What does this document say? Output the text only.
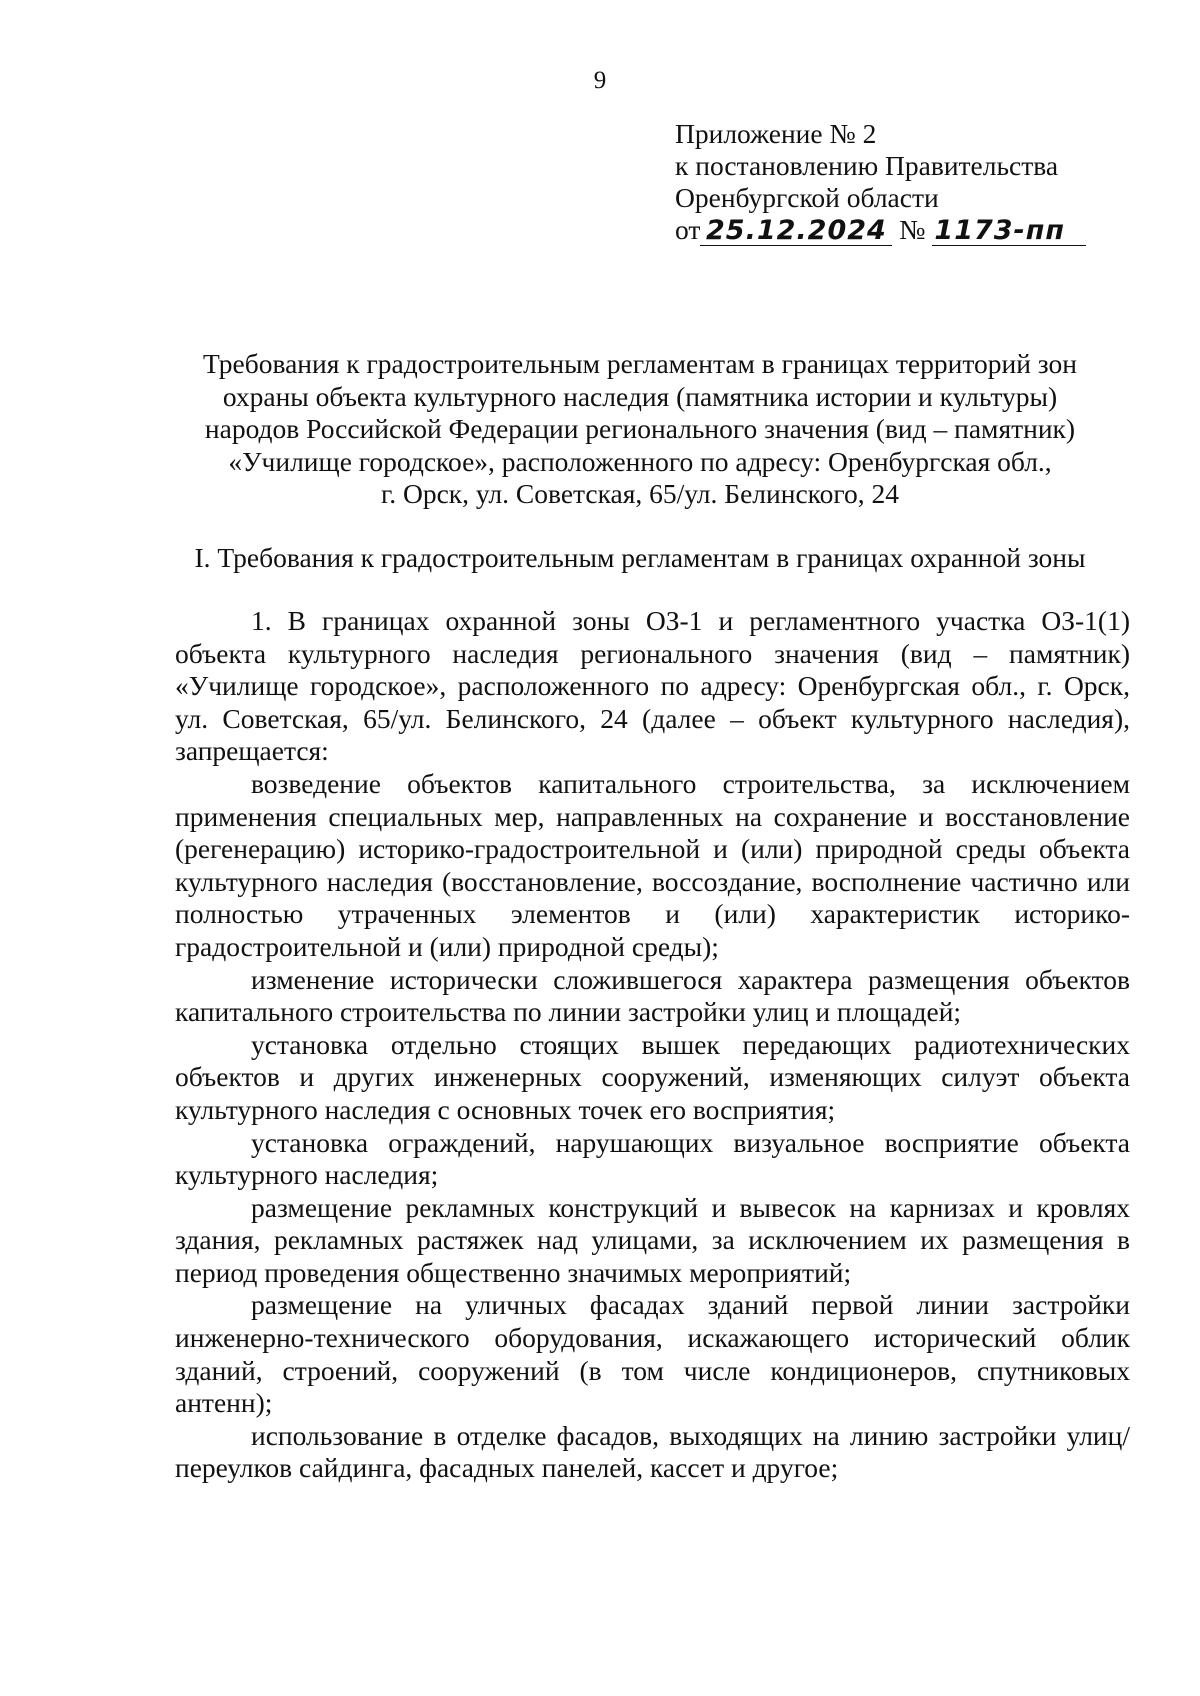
9
Приложение № 2
к постановлению Правительства
Оренбургской области
от 25.12.2024 № 1173-пп
Требования к градостроительным регламентам в границах территорий зон
охраны объекта культурного наследия (памятника истории и культуры)
народов Российской Федерации регионального значения (вид – памятник)
«Училище городское», расположенного по адресу: Оренбургская обл.,
г. Орск, ул. Советская, 65/ул. Белинского, 24
I. Требования к градостроительным регламентам в границах охранной зоны

1. В границах охранной зоны ОЗ-1 и регламентного участка ОЗ-1(1) объекта культурного наследия регионального значения (вид – памятник) «Училище городское», расположенного по адресу: Оренбургская обл., г. Орск, ул. Советская, 65/ул. Белинского, 24 (далее – объект культурного наследия), запрещается:

возведение объектов капитального строительства, за исключением применения специальных мер, направленных на сохранение и восстановление (регенерацию) историко-градостроительной и (или) природной среды объекта культурного наследия (восстановление, воссоздание, восполнение частично или полностью утраченных элементов и (или) характеристик историко-градостроительной и (или) природной среды);

изменение исторически сложившегося характера размещения объектов капитального строительства по линии застройки улиц и площадей;

установка отдельно стоящих вышек передающих радиотехнических объектов и других инженерных сооружений, изменяющих силуэт объекта культурного наследия с основных точек его восприятия;

установка ограждений, нарушающих визуальное восприятие объекта культурного наследия;

размещение рекламных конструкций и вывесок на карнизах и кровлях здания, рекламных растяжек над улицами, за исключением их размещения в период проведения общественно значимых мероприятий;

размещение на уличных фасадах зданий первой линии застройки инженерно-технического оборудования, искажающего исторический облик зданий, строений, сооружений (в том числе кондиционеров, спутниковых антенн);

использование в отделке фасадов, выходящих на линию застройки улиц/переулков сайдинга, фасадных панелей, кассет и другое;
